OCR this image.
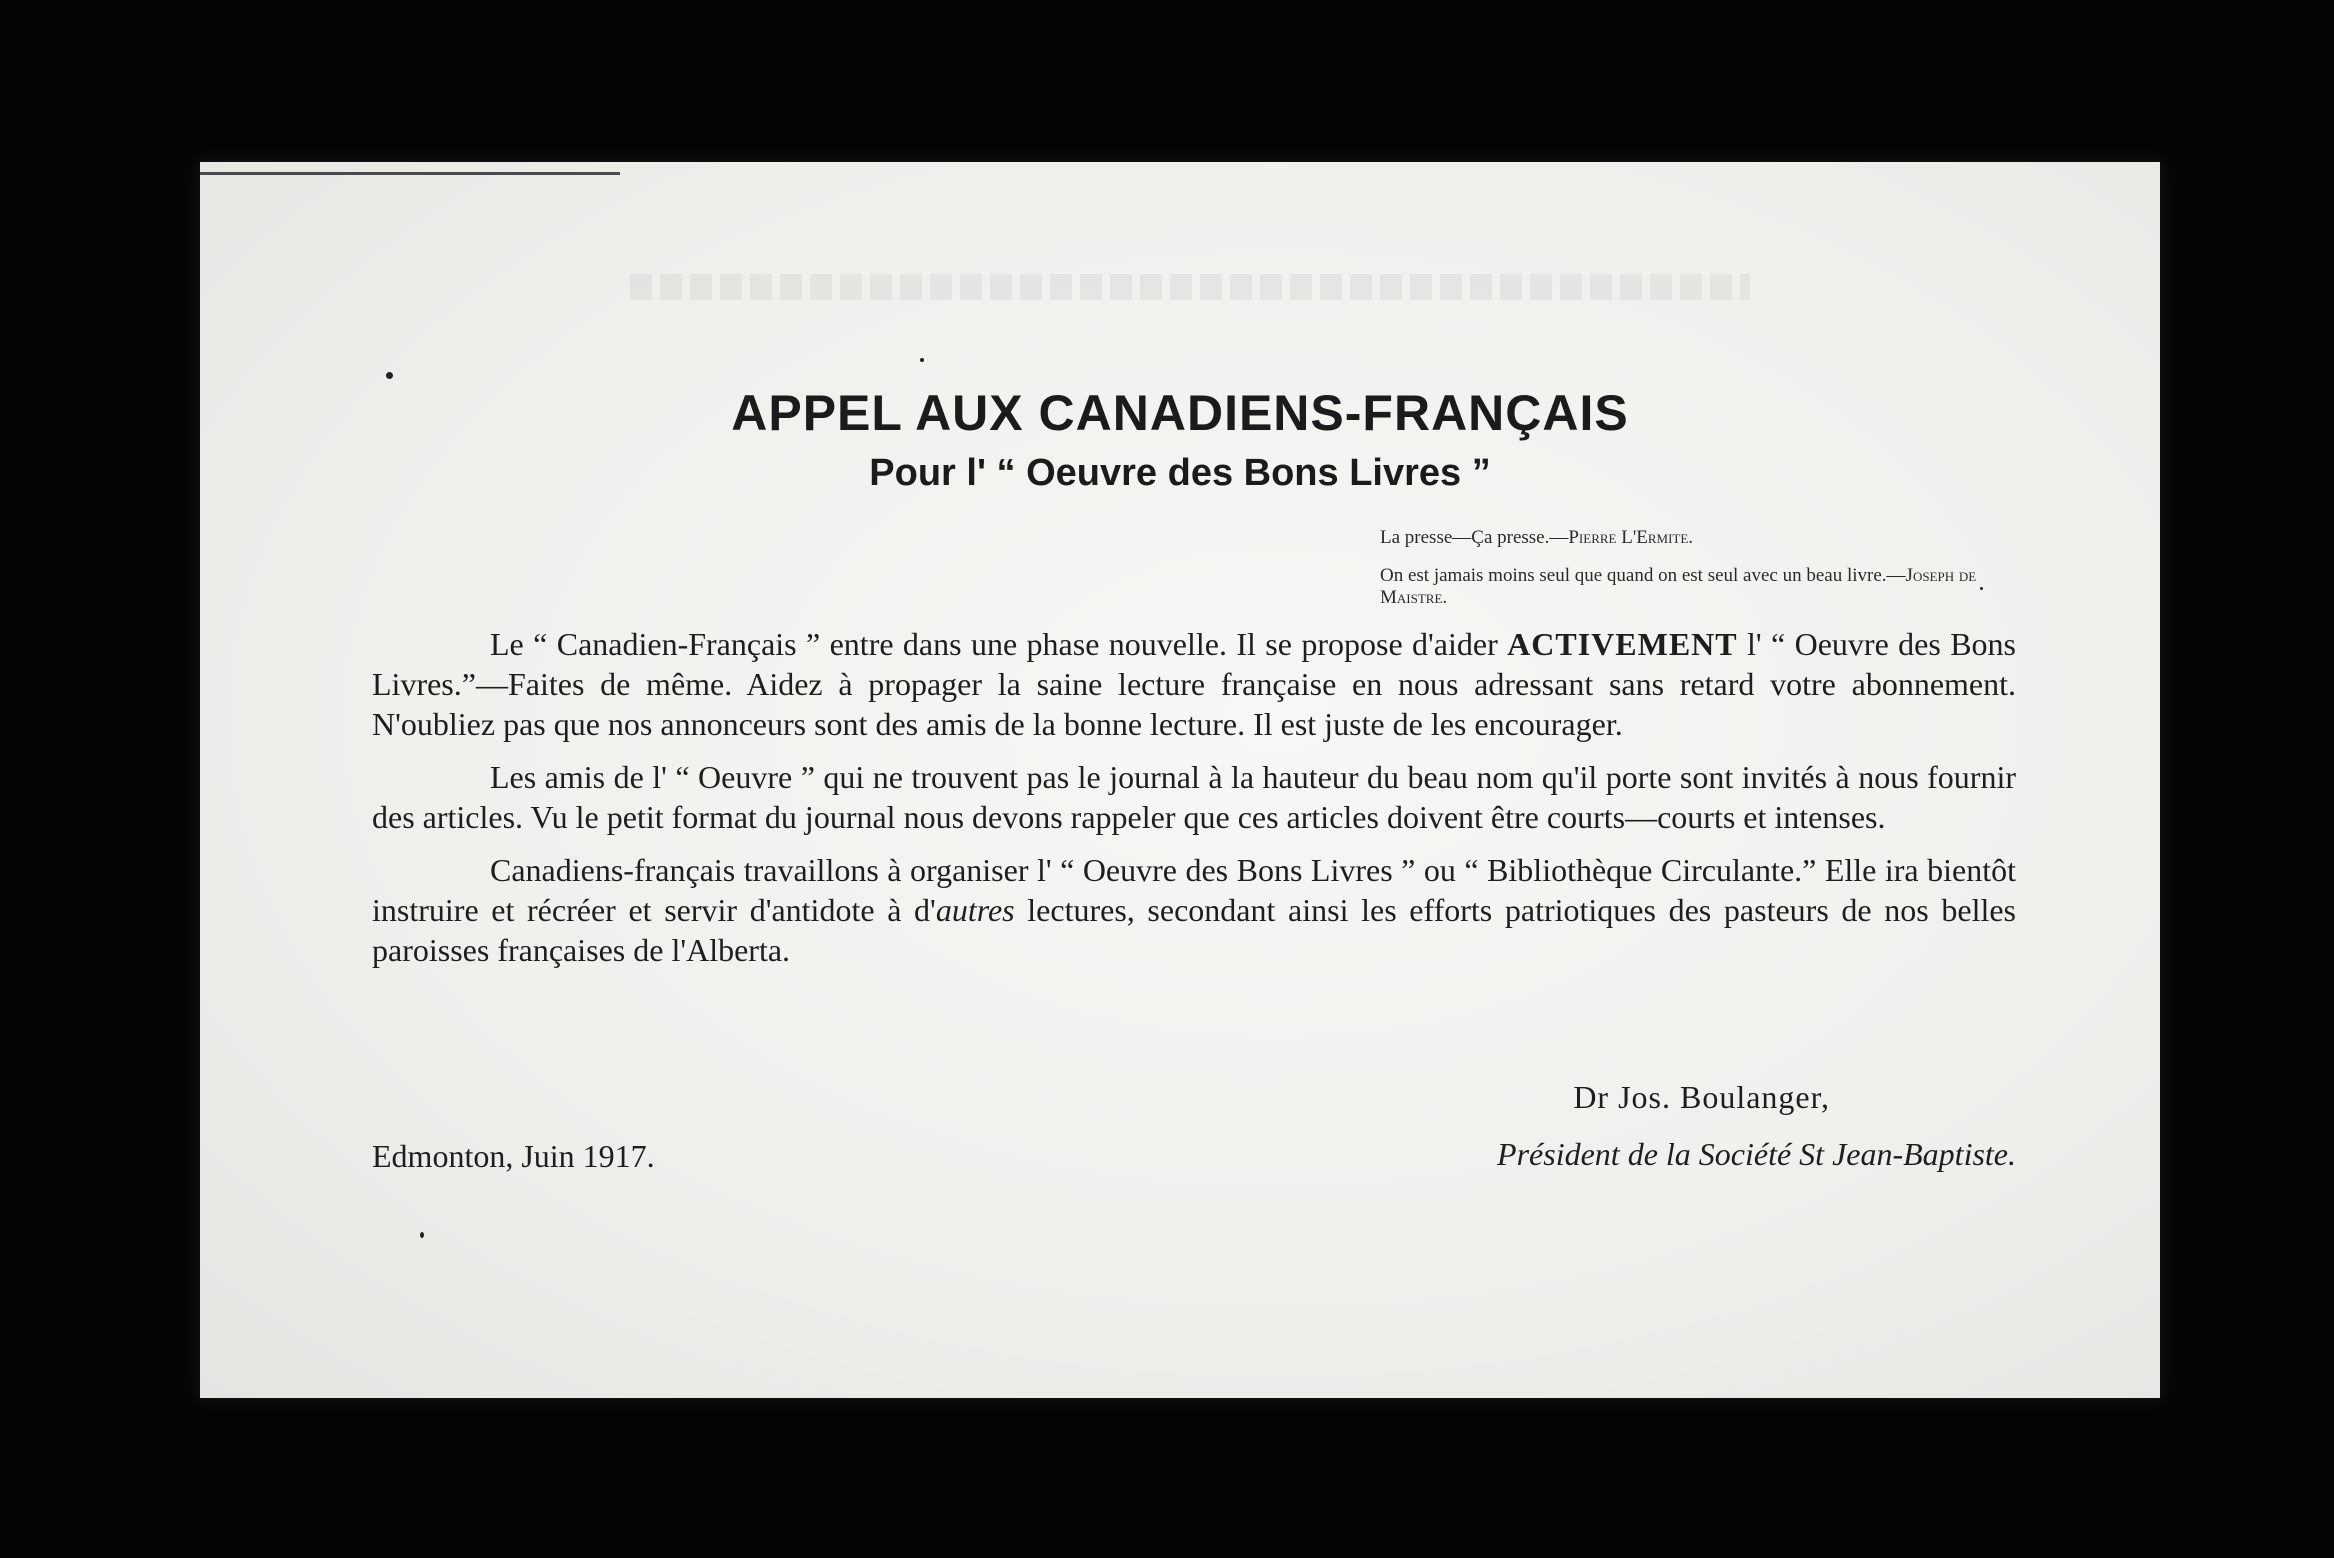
APPEL AUX CANADIENS-FRANÇAIS
Pour l' “ Oeuvre des Bons Livres ”

La presse—Ça presse.—Pierre L'Ermite.

On est jamais moins seul que quand on est seul avec un beau livre.—Joseph de Maistre.

Le “ Canadien-Français ” entre dans une phase nouvelle. Il se propose d'aider ACTIVEMENT l' “ Oeuvre des Bons Livres.”—Faites de même. Aidez à propager la saine lecture française en nous adressant sans retard votre abonnement. N'oubliez pas que nos annonceurs sont des amis de la bonne lecture. Il est juste de les encourager.

Les amis de l' “ Oeuvre ” qui ne trouvent pas le journal à la hauteur du beau nom qu'il porte sont invités à nous fournir des articles. Vu le petit format du journal nous devons rappeler que ces articles doivent être courts—courts et intenses.

Canadiens-français travaillons à organiser l' “ Oeuvre des Bons Livres ” ou “ Bibliothèque Circulante.” Elle ira bientôt instruire et récréer et servir d'antidote à d'autres lectures, secondant ainsi les efforts patriotiques des pasteurs de nos belles paroisses françaises de l'Alberta.

Dr Jos. Boulanger,
Président de la Société St Jean-Baptiste.
Edmonton, Juin 1917.
